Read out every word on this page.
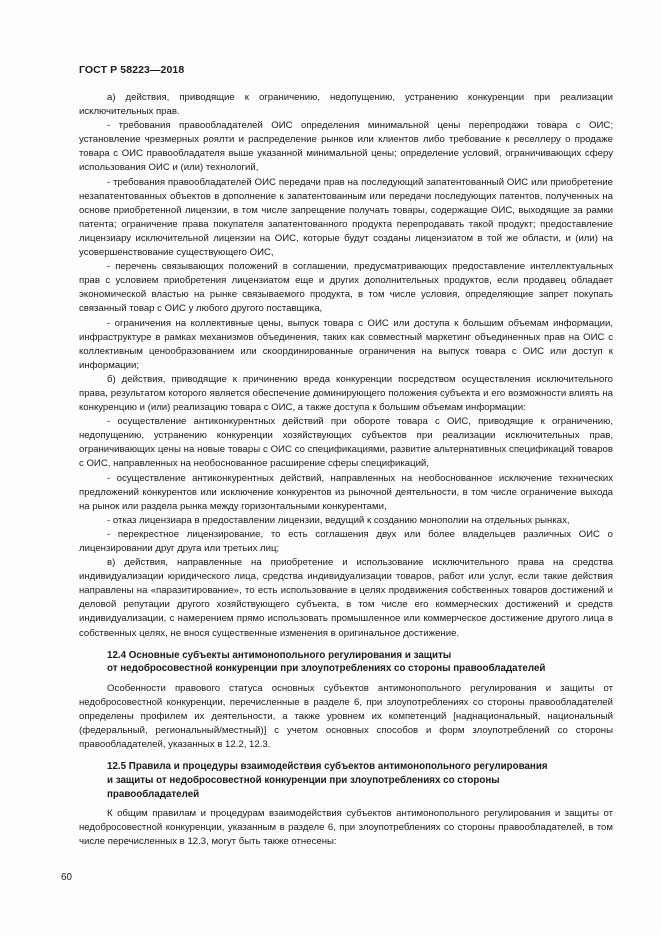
ГОСТ Р 58223—2018

а) действия, приводящие к ограничению, недопущению, устранению конкуренции при реализации исключительных прав.

- требования правообладателей ОИС определения минимальной цены перепродажи товара с ОИС; установление чрезмерных роялти и распределение рынков или клиентов либо требование к реселлеру о продаже товара с ОИС правообладателя выше указанной минимальной цены; определение условий, ограничивающих сферу использования ОИС и (или) технологий,

- требования правообладателей ОИС передачи прав на последующий запатентованный ОИС или приобретение незапатентованных объектов в дополнение к запатентованным или передачи последующих патентов, полученных на основе приобретенной лицензии, в том числе запрещение получать товары, содержащие ОИС, выходящие за рамки патента; ограничение права покупателя запатентованного продукта перепродавать такой продукт; предоставление лицензиару исключительной лицензии на ОИС, которые будут созданы лицензиатом в той же области, и (или) на усовершенствование существующего ОИС,

- перечень связывающих положений в соглашении, предусматривающих предоставление интеллектуальных прав с условием приобретения лицензиатом еще и других дополнительных продуктов, если продавец обладает экономической властью на рынке связываемого продукта, в том числе условия, определяющие запрет покупать связанный товар с ОИС у любого другого поставщика,

- ограничения на коллективные цены, выпуск товара с ОИС или доступа к большим объемам информации, инфраструктуре в рамках механизмов объединения, таких как совместный маркетинг объединенных прав на ОИС с коллективным ценообразованием или скоординированные ограничения на выпуск товара с ОИС или доступ к информации;

б) действия, приводящие к причинению вреда конкуренции посредством осуществления исключительного права, результатом которого является обеспечение доминирующего положения субъекта и его возможности влиять на конкуренцию и (или) реализацию товара с ОИС, а также доступа к большим объемам информации:

- осуществление антиконкурентных действий при обороте товара с ОИС, приводящие к ограничению, недопущению, устранению конкуренции хозяйствующих субъектов при реализации исключительных прав, ограничивающих цены на новые товары с ОИС со спецификациями, развитие альтернативных спецификаций товаров с ОИС, направленных на необоснованное расширение сферы спецификаций,

- осуществление антиконкурентных действий, направленных на необоснованное исключение технических предложений конкурентов или исключение конкурентов из рыночной деятельности, в том числе ограничение выхода на рынок или раздела рынка между горизонтальными конкурентами,

- отказ лицензиара в предоставлении лицензии, ведущий к созданию монополии на отдельных рынках,

- перекрестное лицензирование, то есть соглашения двух или более владельцев различных ОИС о лицензировании друг друга или третьих лиц;

в) действия, направленные на приобретение и использование исключительного права на средства индивидуализации юридического лица, средства индивидуализации товаров, работ или услуг, если такие действия направлены на «паразитирование», то есть использование в целях продвижения собственных товаров достижений и деловой репутации другого хозяйствующего субъекта, в том числе его коммерческих достижений и средств индивидуализации, с намерением прямо использовать промышленное или коммерческое достижение другого лица в собственных целях, не внося существенные изменения в оригинальное достижение.

12.4 Основные субъекты антимонопольного регулирования и защиты
от недобросовестной конкуренции при злоупотреблениях со стороны правообладателей

Особенности правового статуса основных субъектов антимонопольного регулирования и защиты от недобросовестной конкуренции, перечисленные в разделе 6, при злоупотреблениях со стороны правообладателей определены профилем их деятельности, а также уровнем их компетенций [наднациональный, национальный (федеральный, региональный/местный)] с учетом основных способов и форм злоупотреблений со стороны правообладателей, указанных в 12.2, 12.3.

12.5 Правила и процедуры взаимодействия субъектов антимонопольного регулирования
и защиты от недобросовестной конкуренции при злоупотреблениях со стороны
правообладателей

К общим правилам и процедурам взаимодействия субъектов антимонопольного регулирования и защиты от недобросовестной конкуренции, указанным в разделе 6, при злоупотреблениях со стороны правообладателей, в том числе перечисленных в 12.3, могут быть также отнесены:

60
